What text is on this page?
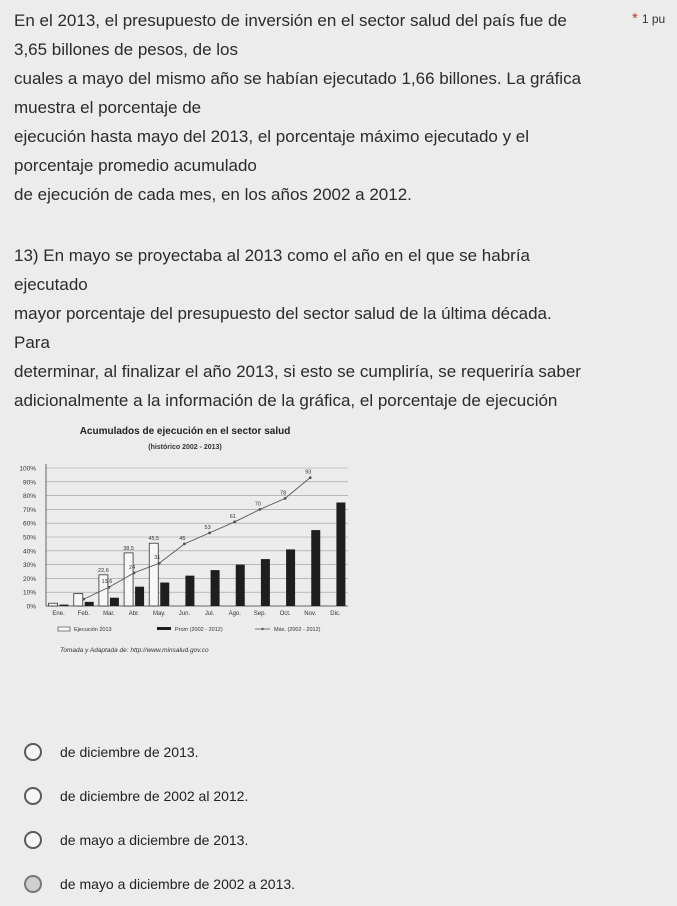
En el 2013, el presupuesto de inversión en el sector salud del país fue de

3,65 billones de pesos, de los

cuales a mayo del mismo año se habían ejecutado 1,66 billones. La gráfica

muestra el porcentaje de

ejecución hasta mayo del 2013, el porcentaje máximo ejecutado y el

porcentaje promedio acumulado

de ejecución de cada mes, en los años 2002 a 2012.

13) En mayo se proyectaba al 2013 como el año en el que se habría

ejecutado

mayor porcentaje del presupuesto del sector salud de la última década.

Para

determinar, al finalizar el año 2013, si esto se cumpliría, se requeriría saber

adicionalmente a la información de la gráfica, el porcentaje de ejecución

* 1 pu
Acumulados de ejecución en el sector salud
(histórico 2002 - 2013)
0%
10%
20%
30%
40%
50%
60%
70%
80%
90%
100%
22,6
38,5
45,5
13,6
24
31
45
53
61
70
78
93
Ene. Feb. Mar. Abr. May. Jun. Jul. Ago. Sep. Oct. Nov. Dic.
Ejecución 2013	Prom (2002 - 2012)	Máx. (2002 - 2012)
Tomada y Adaptada de: http://www.minsalud.gov.co
de diciembre de 2013.
de diciembre de 2002 al 2012.
de mayo a diciembre de 2013.
de mayo a diciembre de 2002 a 2013.
